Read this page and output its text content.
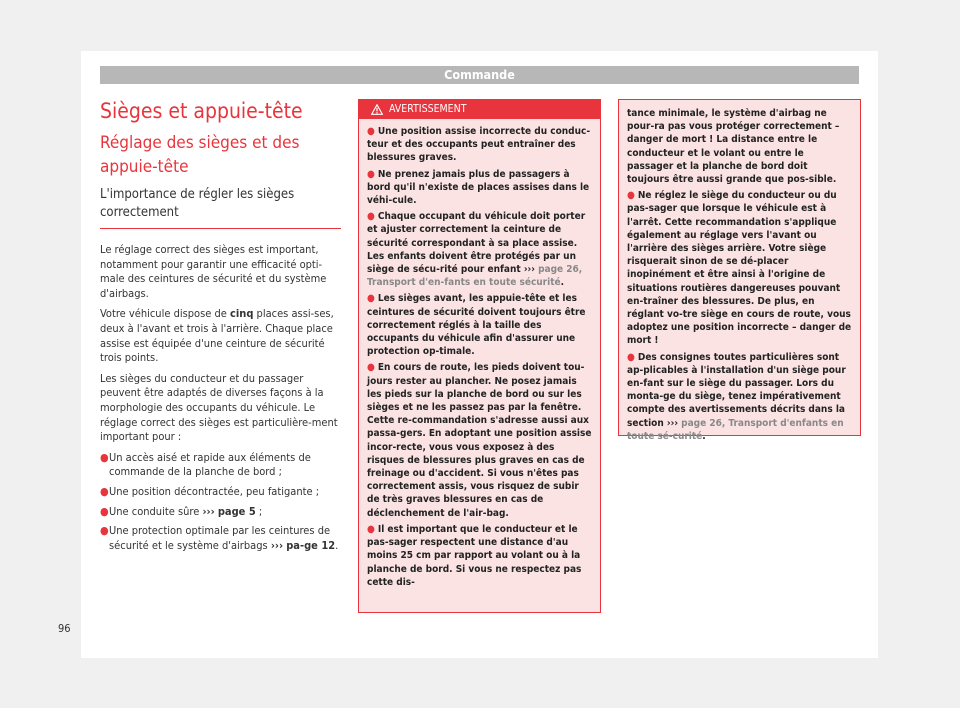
Commande
Sièges et appuie-tête
Réglage des sièges et des appuie-tête
L'importance de régler les sièges correctement

Le réglage correct des sièges est important, notamment pour garantir une efficacité opti-male des ceintures de sécurité et du système d'airbags.

Votre véhicule dispose de cinq places assi-ses, deux à l'avant et trois à l'arrière. Chaque place assise est équipée d'une ceinture de sécurité trois points.

Les sièges du conducteur et du passager peuvent être adaptés de diverses façons à la morphologie des occupants du véhicule. Le réglage correct des sièges est particulière-ment important pour :

● Un accès aisé et rapide aux éléments de commande de la planche de bord ;
● Une position décontractée, peu fatigante ;
● Une conduite sûre ››› page 5 ;
● Une protection optimale par les ceintures de sécurité et le système d'airbags ››› pa-ge 12.
AVERTISSEMENT
● Une position assise incorrecte du conduc-teur et des occupants peut entraîner des blessures graves.
● Ne prenez jamais plus de passagers à bord qu'il n'existe de places assises dans le véhi-cule.
● Chaque occupant du véhicule doit porter et ajuster correctement la ceinture de sécurité correspondant à sa place assise. Les enfants doivent être protégés par un siège de sécu-rité pour enfant ››› page 26, Transport d'en-fants en toute sécurité.
● Les sièges avant, les appuie-tête et les ceintures de sécurité doivent toujours être correctement réglés à la taille des occupants du véhicule afin d'assurer une protection op-timale.
● En cours de route, les pieds doivent tou-jours rester au plancher. Ne posez jamais les pieds sur la planche de bord ou sur les sièges et ne les passez pas par la fenêtre. Cette re-commandation s'adresse aussi aux passa-gers. En adoptant une position assise incor-recte, vous vous exposez à des risques de blessures plus graves en cas de freinage ou d'accident. Si vous n'êtes pas correctement assis, vous risquez de subir de très graves blessures en cas de déclenchement de l'air-bag.
● Il est important que le conducteur et le pas-sager respectent une distance d'au moins 25 cm par rapport au volant ou à la planche de bord. Si vous ne respectez pas cette dis-

tance minimale, le système d'airbag ne pour-ra pas vous protéger correctement – danger de mort ! La distance entre le conducteur et le volant ou entre le passager et la planche de bord doit toujours être aussi grande que pos-sible.

● Ne réglez le siège du conducteur ou du pas-sager que lorsque le véhicule est à l'arrêt. Cette recommandation s'applique également au réglage vers l'avant ou l'arrière des sièges arrière. Votre siège risquerait sinon de se dé-placer inopinément et être ainsi à l'origine de situations routières dangereuses pouvant en-traîner des blessures. De plus, en réglant vo-tre siège en cours de route, vous adoptez une position incorrecte – danger de mort !
● Des consignes toutes particulières sont ap-plicables à l'installation d'un siège pour en-fant sur le siège du passager. Lors du monta-ge du siège, tenez impérativement compte des avertissements décrits dans la section ››› page 26, Transport d'enfants en toute sé-curité.
96
